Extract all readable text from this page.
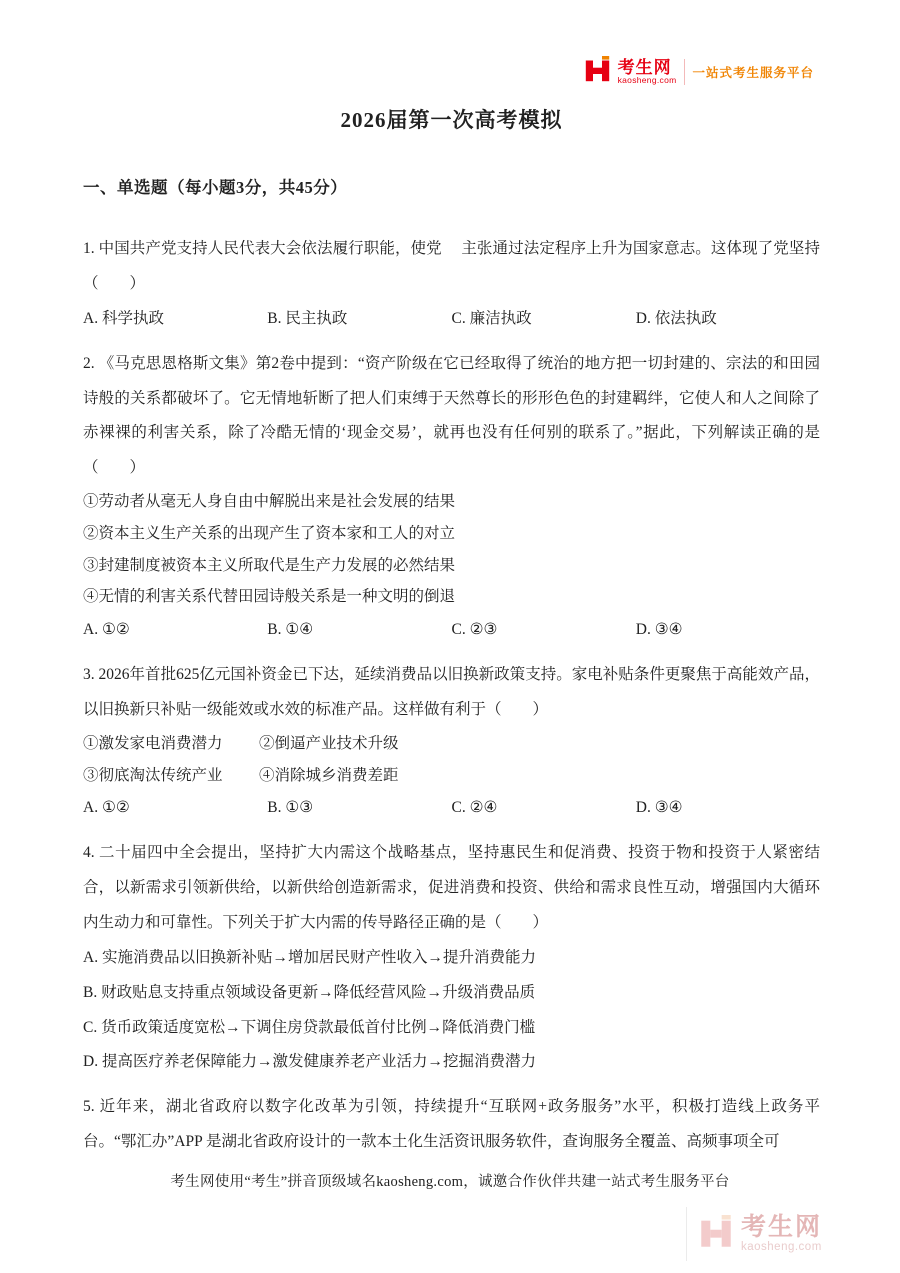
考生网
kaosheng.com
一站式考生服务平台
2026届第一次高考模拟
一、单选题（每小题3分，共45分）

1. 中国共产党支持人民代表大会依法履行职能，使党　 主张通过法定程序上升为国家意志。这体现了党坚持（　　）

A. 科学执政	B. 民主执政	C. 廉洁执政	D. 依法执政

2. 《马克思恩格斯文集》第2卷中提到：“资产阶级在它已经取得了统治的地方把一切封建的、宗法的和田园诗般的关系都破坏了。它无情地斩断了把人们束缚于天然尊长的形形色色的封建羁绊，它使人和人之间除了赤裸裸的利害关系，除了冷酷无情的‘现金交易’，就再也没有任何别的联系了。”据此，下列解读正确的是（　　）

①劳动者从毫无人身自由中解脱出来是社会发展的结果
②资本主义生产关系的出现产生了资本家和工人的对立
③封建制度被资本主义所取代是生产力发展的必然结果
④无情的利害关系代替田园诗般关系是一种文明的倒退
A. ①②	B. ①④	C. ②③	D. ③④

3. 2026年首批625亿元国补资金已下达，延续消费品以旧换新政策支持。家电补贴条件更聚焦于高能效产品，以旧换新只补贴一级能效或水效的标准产品。这样做有利于（　　）

①激发家电消费潜力	②倒逼产业技术升级
③彻底淘汰传统产业	④消除城乡消费差距
A. ①②	B. ①③	C. ②④	D. ③④

4. 二十届四中全会提出，坚持扩大内需这个战略基点，坚持惠民生和促消费、投资于物和投资于人紧密结合，以新需求引领新供给，以新供给创造新需求，促进消费和投资、供给和需求良性互动，增强国内大循环内生动力和可靠性。下列关于扩大内需的传导路径正确的是（　　）

A. 实施消费品以旧换新补贴→增加居民财产性收入→提升消费能力
B. 财政贴息支持重点领域设备更新→降低经营风险→升级消费品质
C. 货币政策适度宽松→下调住房贷款最低首付比例→降低消费门槛
D. 提高医疗养老保障能力→激发健康养老产业活力→挖掘消费潜力

5. 近年来，湖北省政府以数字化改革为引领，持续提升“互联网+政务服务”水平，积极打造线上政务平台。“鄂汇办”APP 是湖北省政府设计的一款本土化生活资讯服务软件，查询服务全覆盖、高频事项全可

考生网使用“考生”拼音顶级域名kaosheng.com，诚邀合作伙伴共建一站式考生服务平台
考生网
kaosheng.com
